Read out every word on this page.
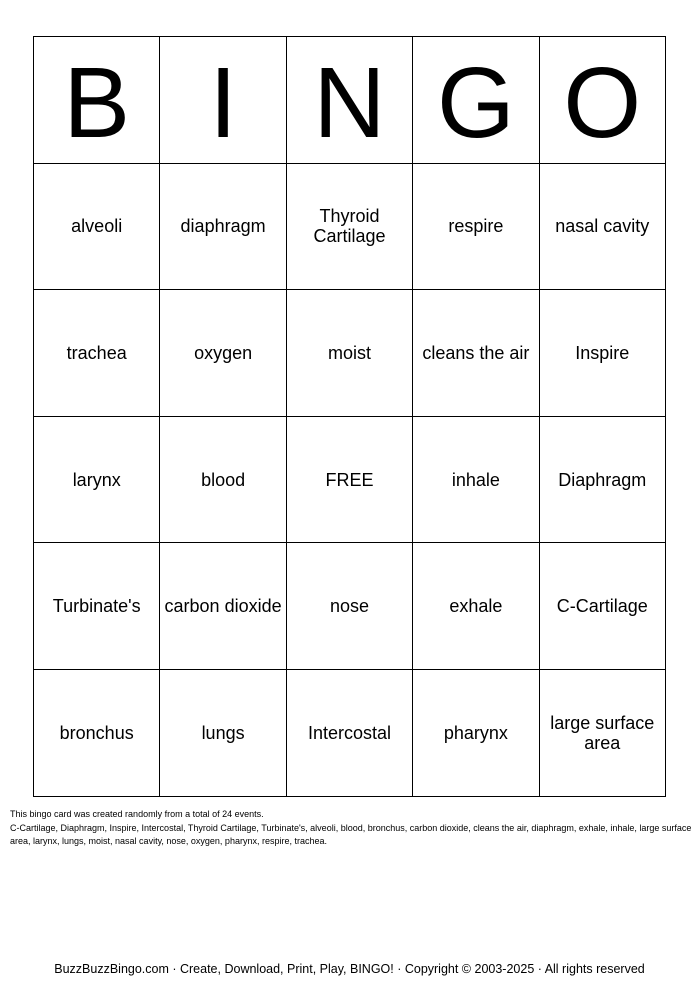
B	I	N	G	O
alveoli	diaphragm	Thyroid Cartilage	respire	nasal cavity
trachea	oxygen	moist	cleans the air	Inspire
larynx	blood	FREE	inhale	Diaphragm
Turbinate's	carbon dioxide	nose	exhale	C-Cartilage
bronchus	lungs	Intercostal	pharynx	large surface area

This bingo card was created randomly from a total of 24 events.

C-Cartilage, Diaphragm, Inspire, Intercostal, Thyroid Cartilage, Turbinate's, alveoli, blood, bronchus, carbon dioxide, cleans the air, diaphragm, exhale, inhale, large surface area, larynx, lungs, moist, nasal cavity, nose, oxygen, pharynx, respire, trachea.

BuzzBuzzBingo.com · Create, Download, Print, Play, BINGO! · Copyright © 2003-2025 · All rights reserved
